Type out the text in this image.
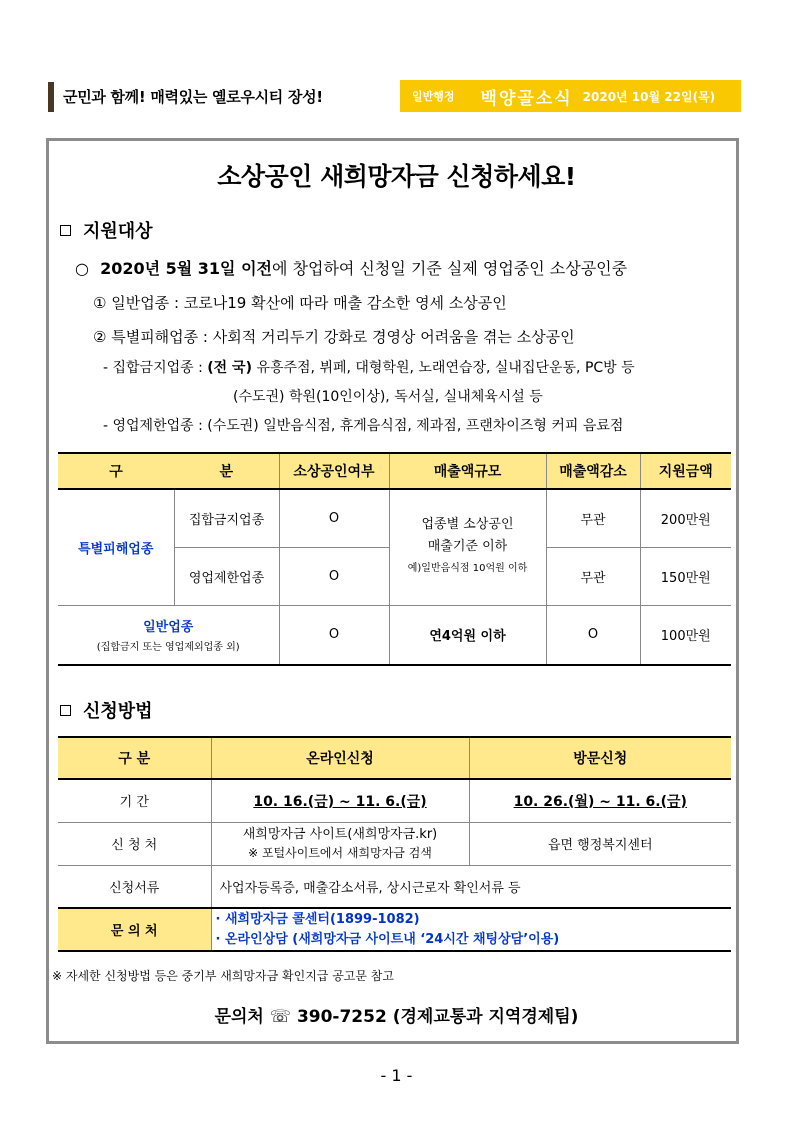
군민과 함께! 매력있는 옐로우시티 장성!	일반행정 백양골소식 2020년 10월 22일(목)
소상공인 새희망자금 신청하세요!
지원대상
○ 2020년 5월 31일 이전에 창업하여 신청일 기준 실제 영업중인 소상공인중
① 일반업종 : 코로나19 확산에 따라 매출 감소한 영세 소상공인
② 특별피해업종 : 사회적 거리두기 강화로 경영상 어려움을 겪는 소상공인
- 집합금지업종 : (전 국) 유흥주점, 뷔페, 대형학원, 노래연습장, 실내집단운동, PC방 등
(수도권) 학원(10인이상), 독서실, 실내체육시설 등
- 영업제한업종 : (수도권) 일반음식점, 휴게음식점, 제과점, 프랜차이즈형 커피 음료점
구	분	소상공인여부	매출액규모	매출액감소	지원금액
특별피해업종	집합금지업종	O	업종별 소상공인
매출기준 이하
예)일반음식점 10억원 이하	무관	200만원
	영업제한업종	O		무관	150만원

일반업종
(집합금지 또는 영업제외업종 외)		O	연4억원 이하	O	100만원
신청방법
구 분	온라인신청	방문신청
기 간	10. 16.(금) ~ 11. 6.(금)	10. 26.(월) ~ 11. 6.(금)
신 청 처	새희망자금 사이트(새희망자금.kr)
※ 포털사이트에서 새희망자금 검색	읍면 행정복지센터
신청서류	사업자등록증, 매출감소서류, 상시근로자 확인서류 등	
문 의 처	· 새희망자금 콜센터(1899-1082)
· 온라인상담 (새희망자금 사이트내 ‘24시간 채팅상담’이용)	
※ 자세한 신청방법 등은 중기부 새희망자금 확인지급 공고문 참고
문의처 ☏ 390-7252 (경제교통과 지역경제팀)
- 1 -
